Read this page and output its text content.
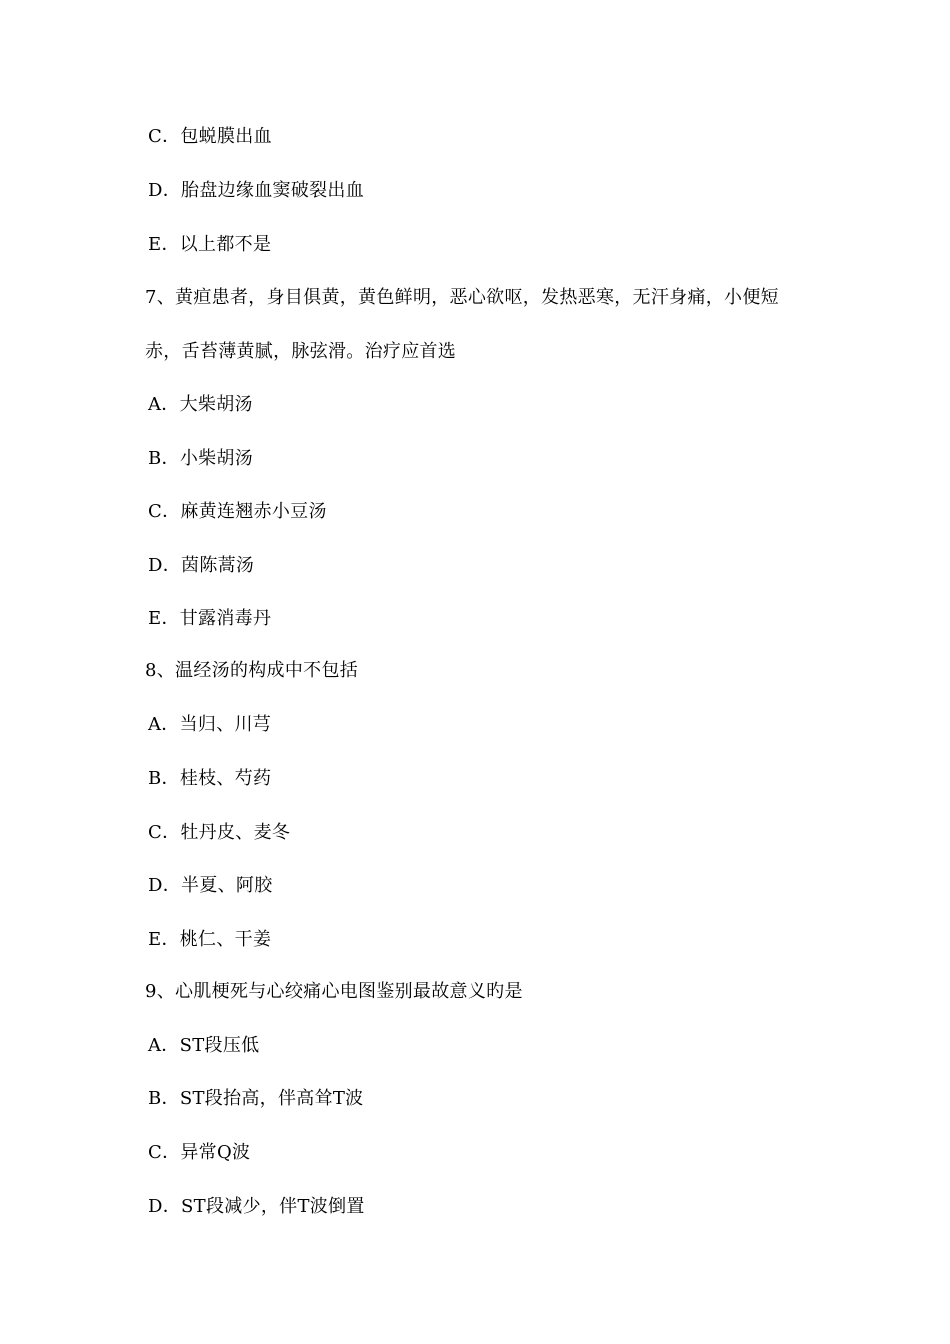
C．包蜕膜出血
D．胎盘边缘血窦破裂出血
E．以上都不是
7、黄疸患者，身目俱黄，黄色鲜明，恶心欲呕，发热恶寒，无汗身痛，小便短
赤，舌苔薄黄腻，脉弦滑。治疗应首选
A．大柴胡汤
B．小柴胡汤
C．麻黄连翘赤小豆汤
D．茵陈蒿汤
E．甘露消毒丹
8、温经汤的构成中不包括
A．当归、川芎
B．桂枝、芍药
C．牡丹皮、麦冬
D．半夏、阿胶
E．桃仁、干姜
9、心肌梗死与心绞痛心电图鉴别最故意义旳是
A．ST段压低
B．ST段抬高，伴高耸T波
C．异常Q波
D．ST段减少，伴T波倒置
